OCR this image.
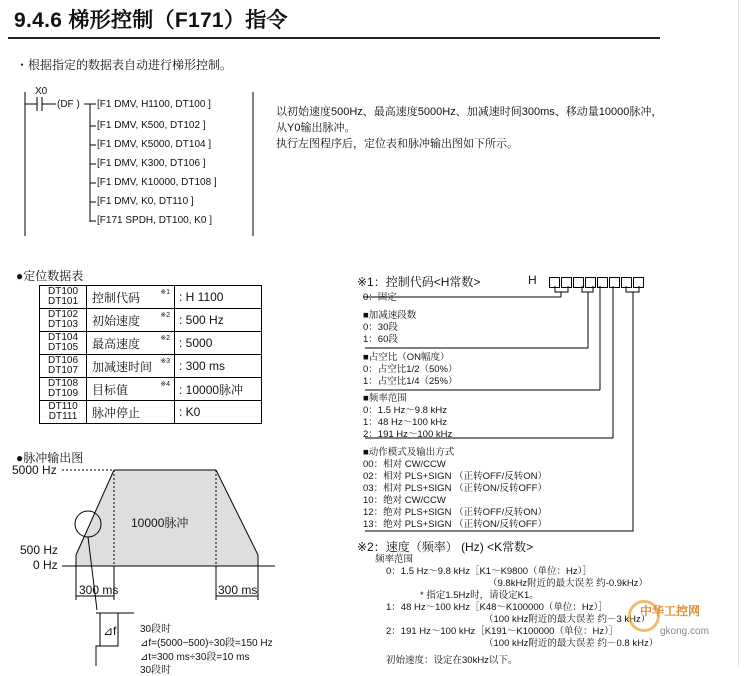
9.4.6 梯形控制（F171）指令
・根据指定的数据表自动进行梯形控制。
X0
(DF ) [F1 DMV, H1100, DT100 ]
[F1 DMV, K500, DT102 ]
[F1 DMV, K5000, DT104 ]
[F1 DMV, K300, DT106 ]
[F1 DMV, K10000, DT108 ]
[F1 DMV, K0, DT110 ]
[F171 SPDH, DT100, K0 ]
以初始速度500Hz、最高速度5000Hz、加减速时间300ms、移动量10000脉冲，
从Y0输出脉冲。
执行左图程序后，定位表和脉冲输出图如下所示。
●定位数据表
DT100
DT101	控制代码 ※1	: H 1100
DT102
DT103	初始速度 ※2	: 500 Hz
DT104
DT105	最高速度 ※2	: 5000
DT106
DT107	加减速时间 ※3	: 300 ms
DT108
DT109	目标值 ※4	: 10000脉冲
DT110
DT111	脉冲停止	: K0
●脉冲输出图
5000 Hz
500 Hz
0 Hz
10000脉冲
300 ms	300 ms
⊿f 30段时
⊿f=(5000−500)÷30段=150 Hz
⊿t=300 ms÷30段=10 ms
30段时
※1：控制代码<H常数>	H
0：固定
■加减速段数
0：30段
1：60段
■占空比（ON幅度）
0：占空比1/2（50%）
1：占空比1/4（25%）
■频率范围
0：1.5 Hz～9.8 kHz
1：48 Hz～100 kHz
2：191 Hz～100 kHz
■动作模式及输出方式
00：相对 CW/CCW
02：相对 PLS+SIGN （正转OFF/反转ON）
03：相对 PLS+SIGN （正转ON/反转OFF）
10：绝对 CW/CCW
12：绝对 PLS+SIGN （正转OFF/反转ON）
13：绝对 PLS+SIGN （正转ON/反转OFF）
※2：速度（频率） (Hz) <K常数>
频率范围
0：1.5 Hz～9.8 kHz［K1～K9800（单位：Hz）］
（9.8kHz附近的最大误差 约-0.9kHz）
* 指定1.5Hz时，请设定K1。
1：48 Hz～100 kHz［K48～K100000（单位：Hz）］
（100 kHz附近的最大误差 约－3 kHz）
2：191 Hz～100 kHz［K191～K100000（单位：Hz）］
（100 kHz附近的最大误差 约－0.8 kHz）
初始速度：设定在30kHz以下。
中华工控网
gkong.com
